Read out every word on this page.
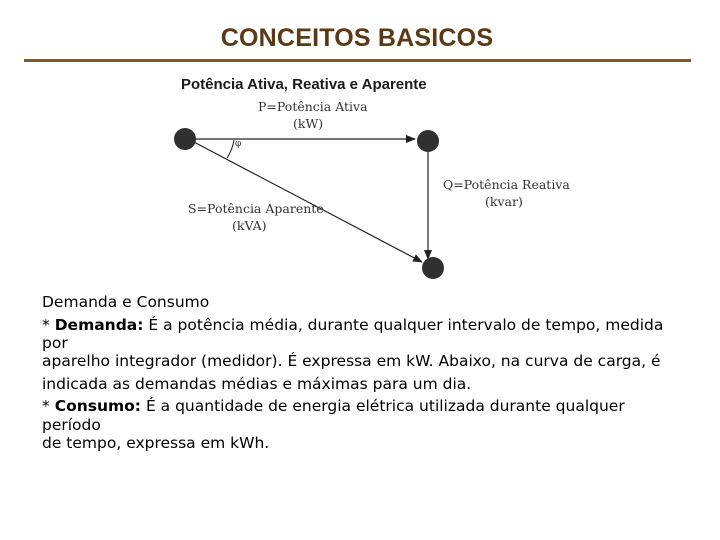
CONCEITOS BASICOS
Potência Ativa, Reativa e Aparente
P=Potência Ativa
(kW)
φ
Q=Potência Reativa
(kvar)
S=Potência Aparente
(kVA)
Demanda e Consumo
* Demanda: É a potência média, durante qualquer intervalo de tempo, medida
por
aparelho integrador (medidor). É expressa em kW. Abaixo, na curva de carga, é
indicada as demandas médias e máximas para um dia.
* Consumo: É a quantidade de energia elétrica utilizada durante qualquer
período
de tempo, expressa em kWh.
